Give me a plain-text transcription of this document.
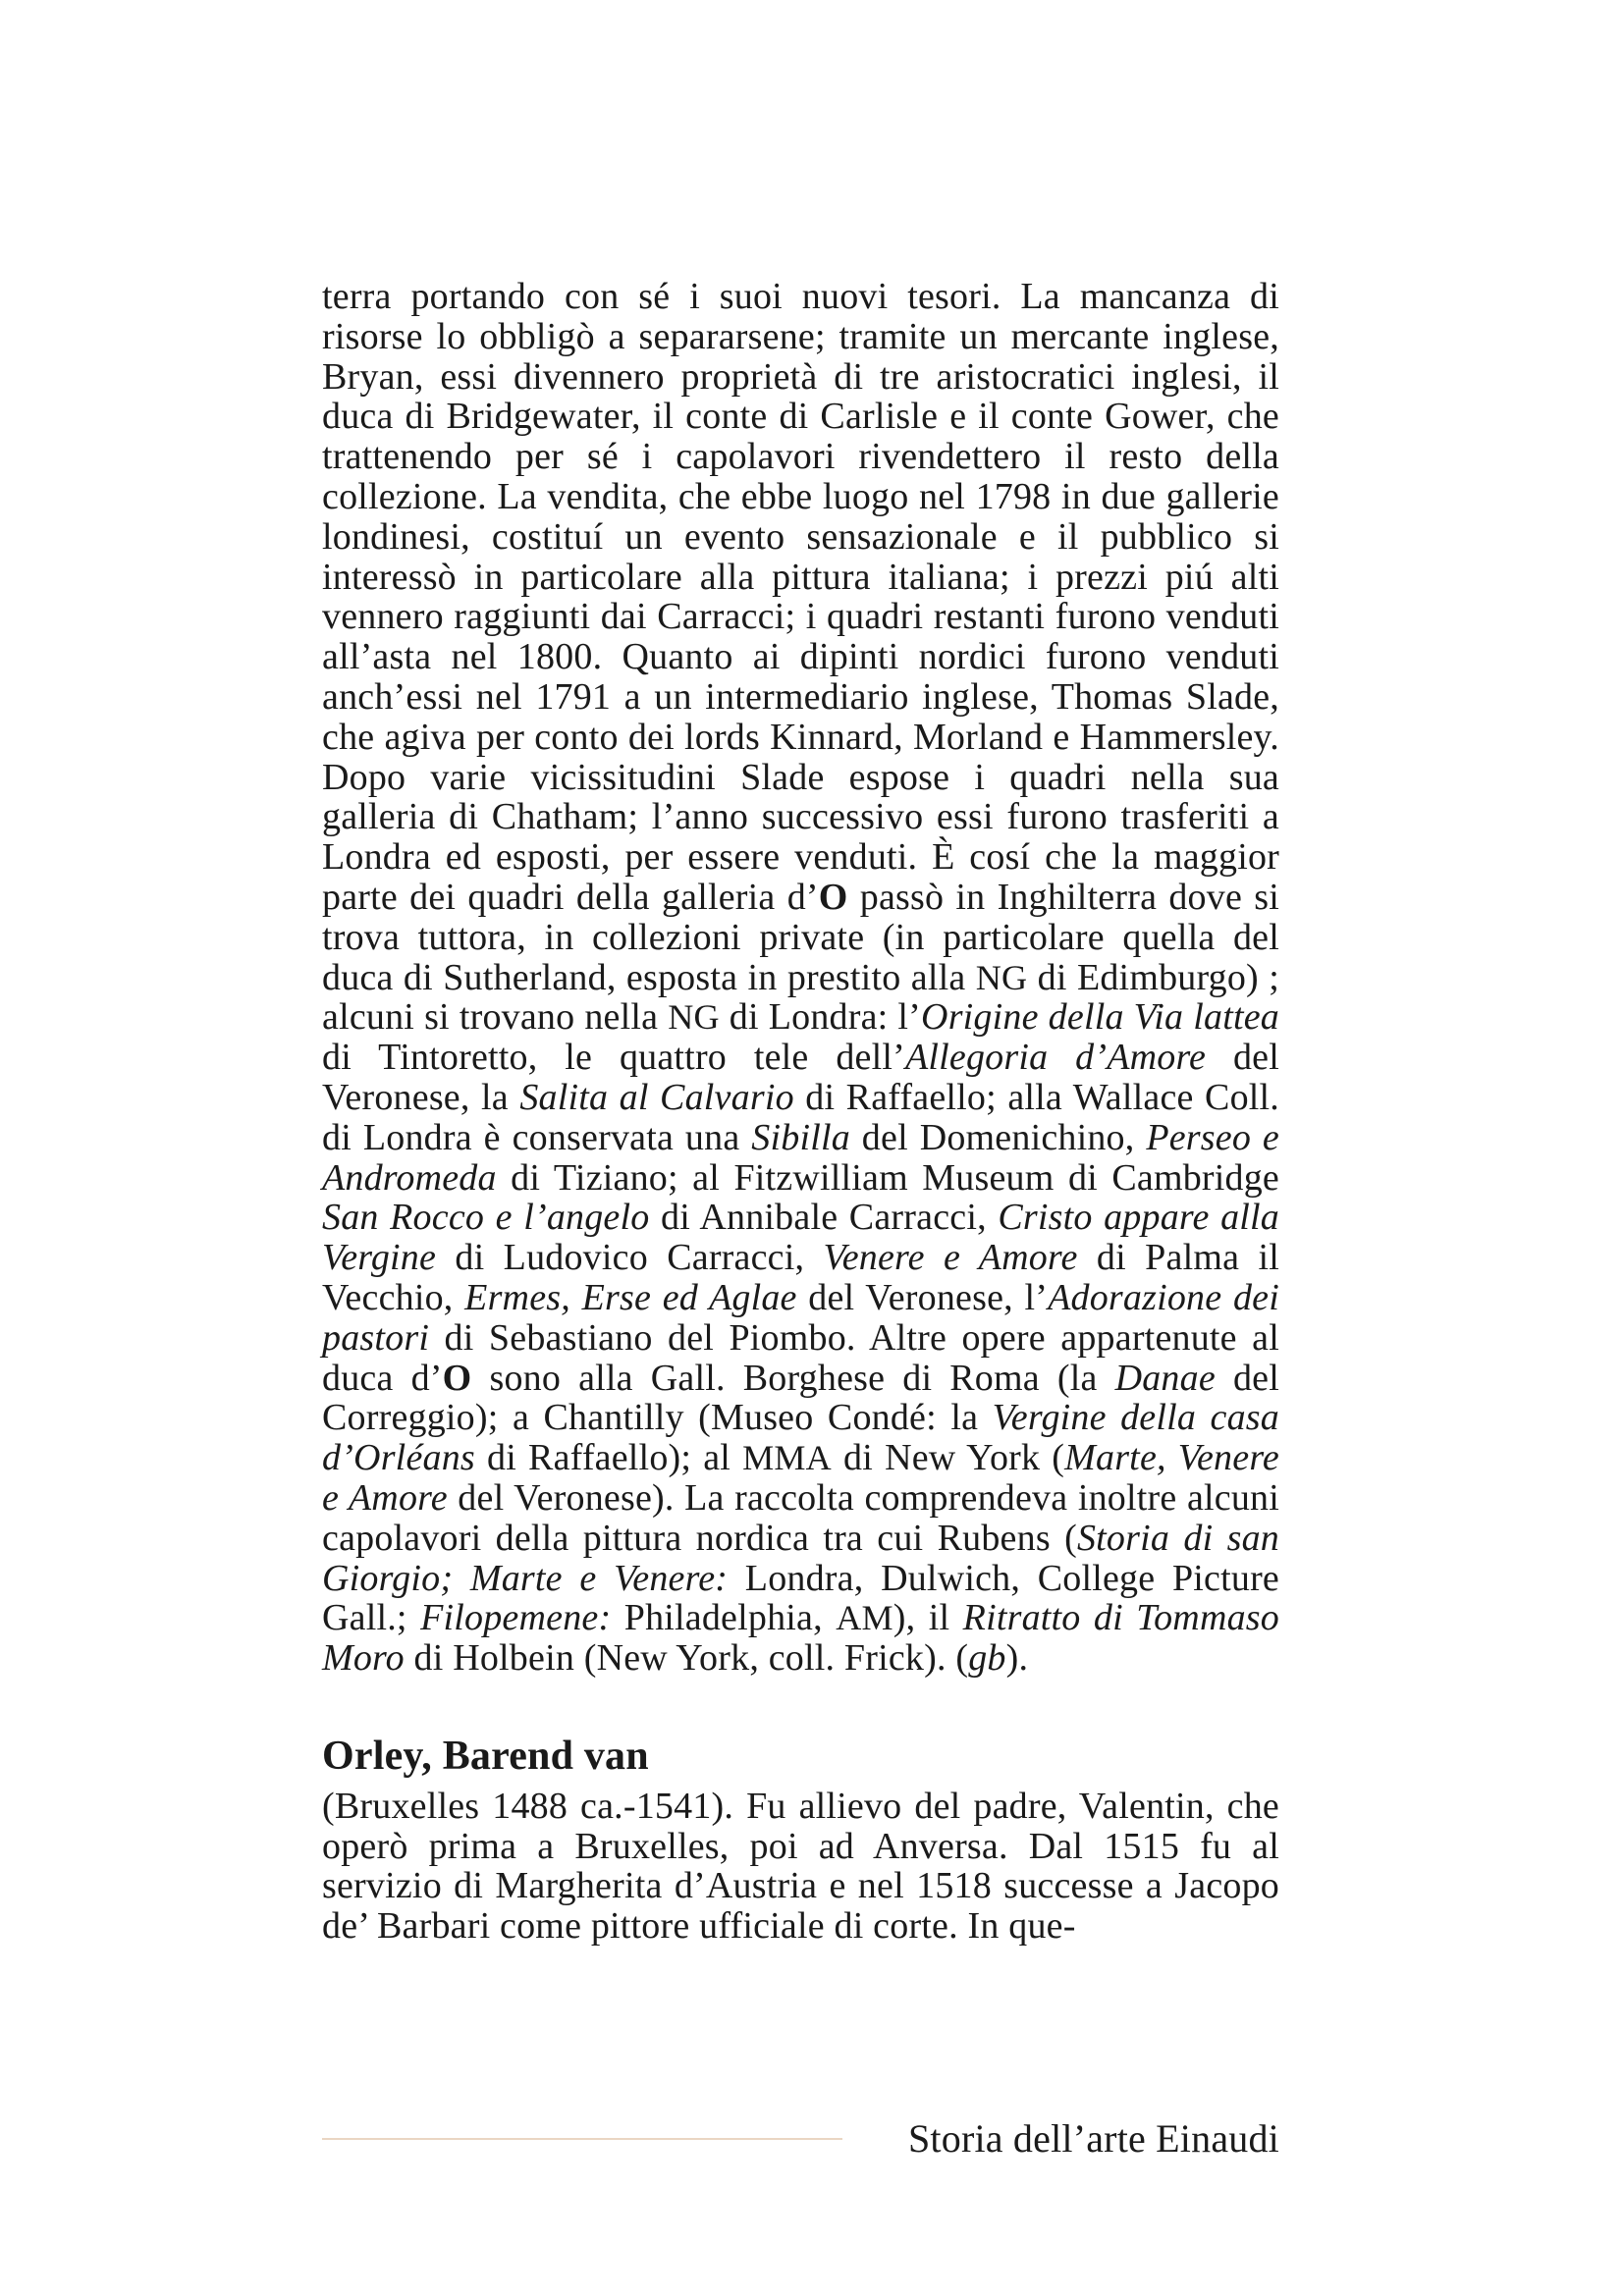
terra portando con sé i suoi nuovi tesori. La mancanza di risorse lo obbligò a separarsene; tramite un mercante inglese, Bryan, essi divennero proprietà di tre aristocratici inglesi, il duca di Bridgewater, il conte di Carlisle e il conte Gower, che trattenendo per sé i capolavori rivendettero il resto della collezione. La vendita, che ebbe luogo nel 1798 in due gallerie londinesi, costituí un evento sensazionale e il pubblico si interessò in particolare alla pittura italiana; i prezzi piú alti vennero raggiunti dai Carracci; i quadri restanti furono venduti all’asta nel 1800. Quanto ai dipinti nordici furono venduti anch’essi nel 1791 a un intermediario inglese, Thomas Slade, che agiva per conto dei lords Kinnard, Morland e Hammersley. Dopo varie vicissitudini Slade espose i quadri nella sua galleria di Chatham; l’anno successivo essi furono trasferiti a Londra ed esposti, per essere venduti. È cosí che la maggior parte dei quadri della galleria d’O passò in Inghilterra dove si trova tuttora, in collezioni private (in particolare quella del duca di Sutherland, esposta in prestito alla NG di Edimburgo) ; alcuni si trovano nella NG di Londra: l’Origine della Via lattea di Tintoretto, le quattro tele dell’Allegoria d’Amore del Veronese, la Salita al Calvario di Raffaello; alla Wallace Coll. di Londra è conservata una Sibilla del Domenichino, Perseo e Andromeda di Tiziano; al Fitzwilliam Museum di Cambridge San Rocco e l’angelo di Annibale Carracci, Cristo appare alla Vergine di Ludovico Carracci, Venere e Amore di Palma il Vecchio, Ermes, Erse ed Aglae del Veronese, l’Adorazione dei pastori di Sebastiano del Piombo. Altre opere appartenute al duca d’O sono alla Gall. Borghese di Roma (la Danae del Correggio); a Chantilly (Museo Condé: la Vergine della casa d’Orléans di Raffaello); al MMA di New York (Marte, Venere e Amore del Veronese). La raccolta comprendeva inoltre alcuni capolavori della pittura nordica tra cui Rubens (Storia di san Giorgio; Marte e Venere: Londra, Dulwich, College Picture Gall.; Filopemene: Philadelphia, AM), il Ritratto di Tommaso Moro di Holbein (New York, coll. Frick). (gb).

Orley, Barend van

(Bruxelles 1488 ca.-1541). Fu allievo del padre, Valentin, che operò prima a Bruxelles, poi ad Anversa. Dal 1515 fu al servizio di Margherita d’Austria e nel 1518 successe a Jacopo de’ Barbari come pittore ufficiale di corte. In que-

Storia dell’arte Einaudi
